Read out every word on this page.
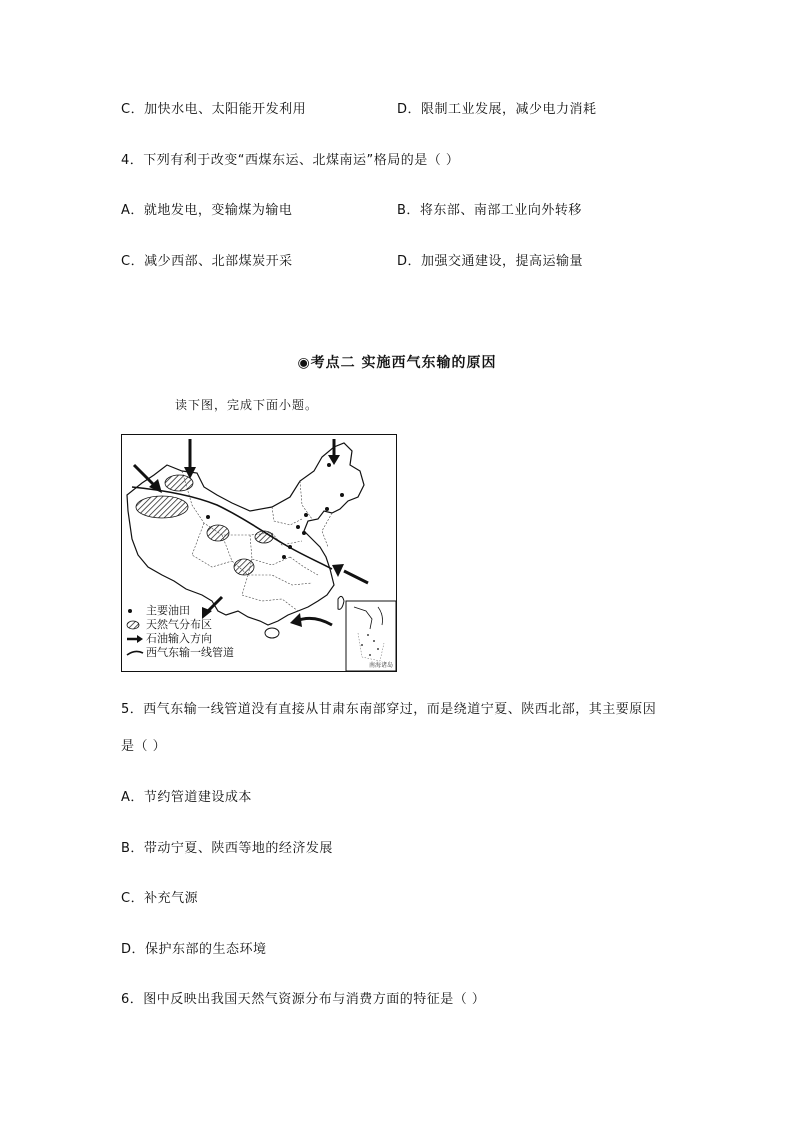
C．加快水电、太阳能开发利用	D．限制工业发展，减少电力消耗
4．下列有利于改变“西煤东运、北煤南运”格局的是（ ）
A．就地发电，变输煤为输电	B．将东部、南部工业向外转移
C．减少西部、北部煤炭开采	D．加强交通建设，提高运输量
◉考点二 实施西气东输的原因
读下图，完成下面小题。
主要油田
天然气分布区
石油输入方向
西气东输一线管道
南海诸岛
5．西气东输一线管道没有直接从甘肃东南部穿过，而是绕道宁夏、陕西北部，其主要原因
是（ ）
A．节约管道建设成本
B．带动宁夏、陕西等地的经济发展
C．补充气源
D．保护东部的生态环境
6．图中反映出我国天然气资源分布与消费方面的特征是（ ）
